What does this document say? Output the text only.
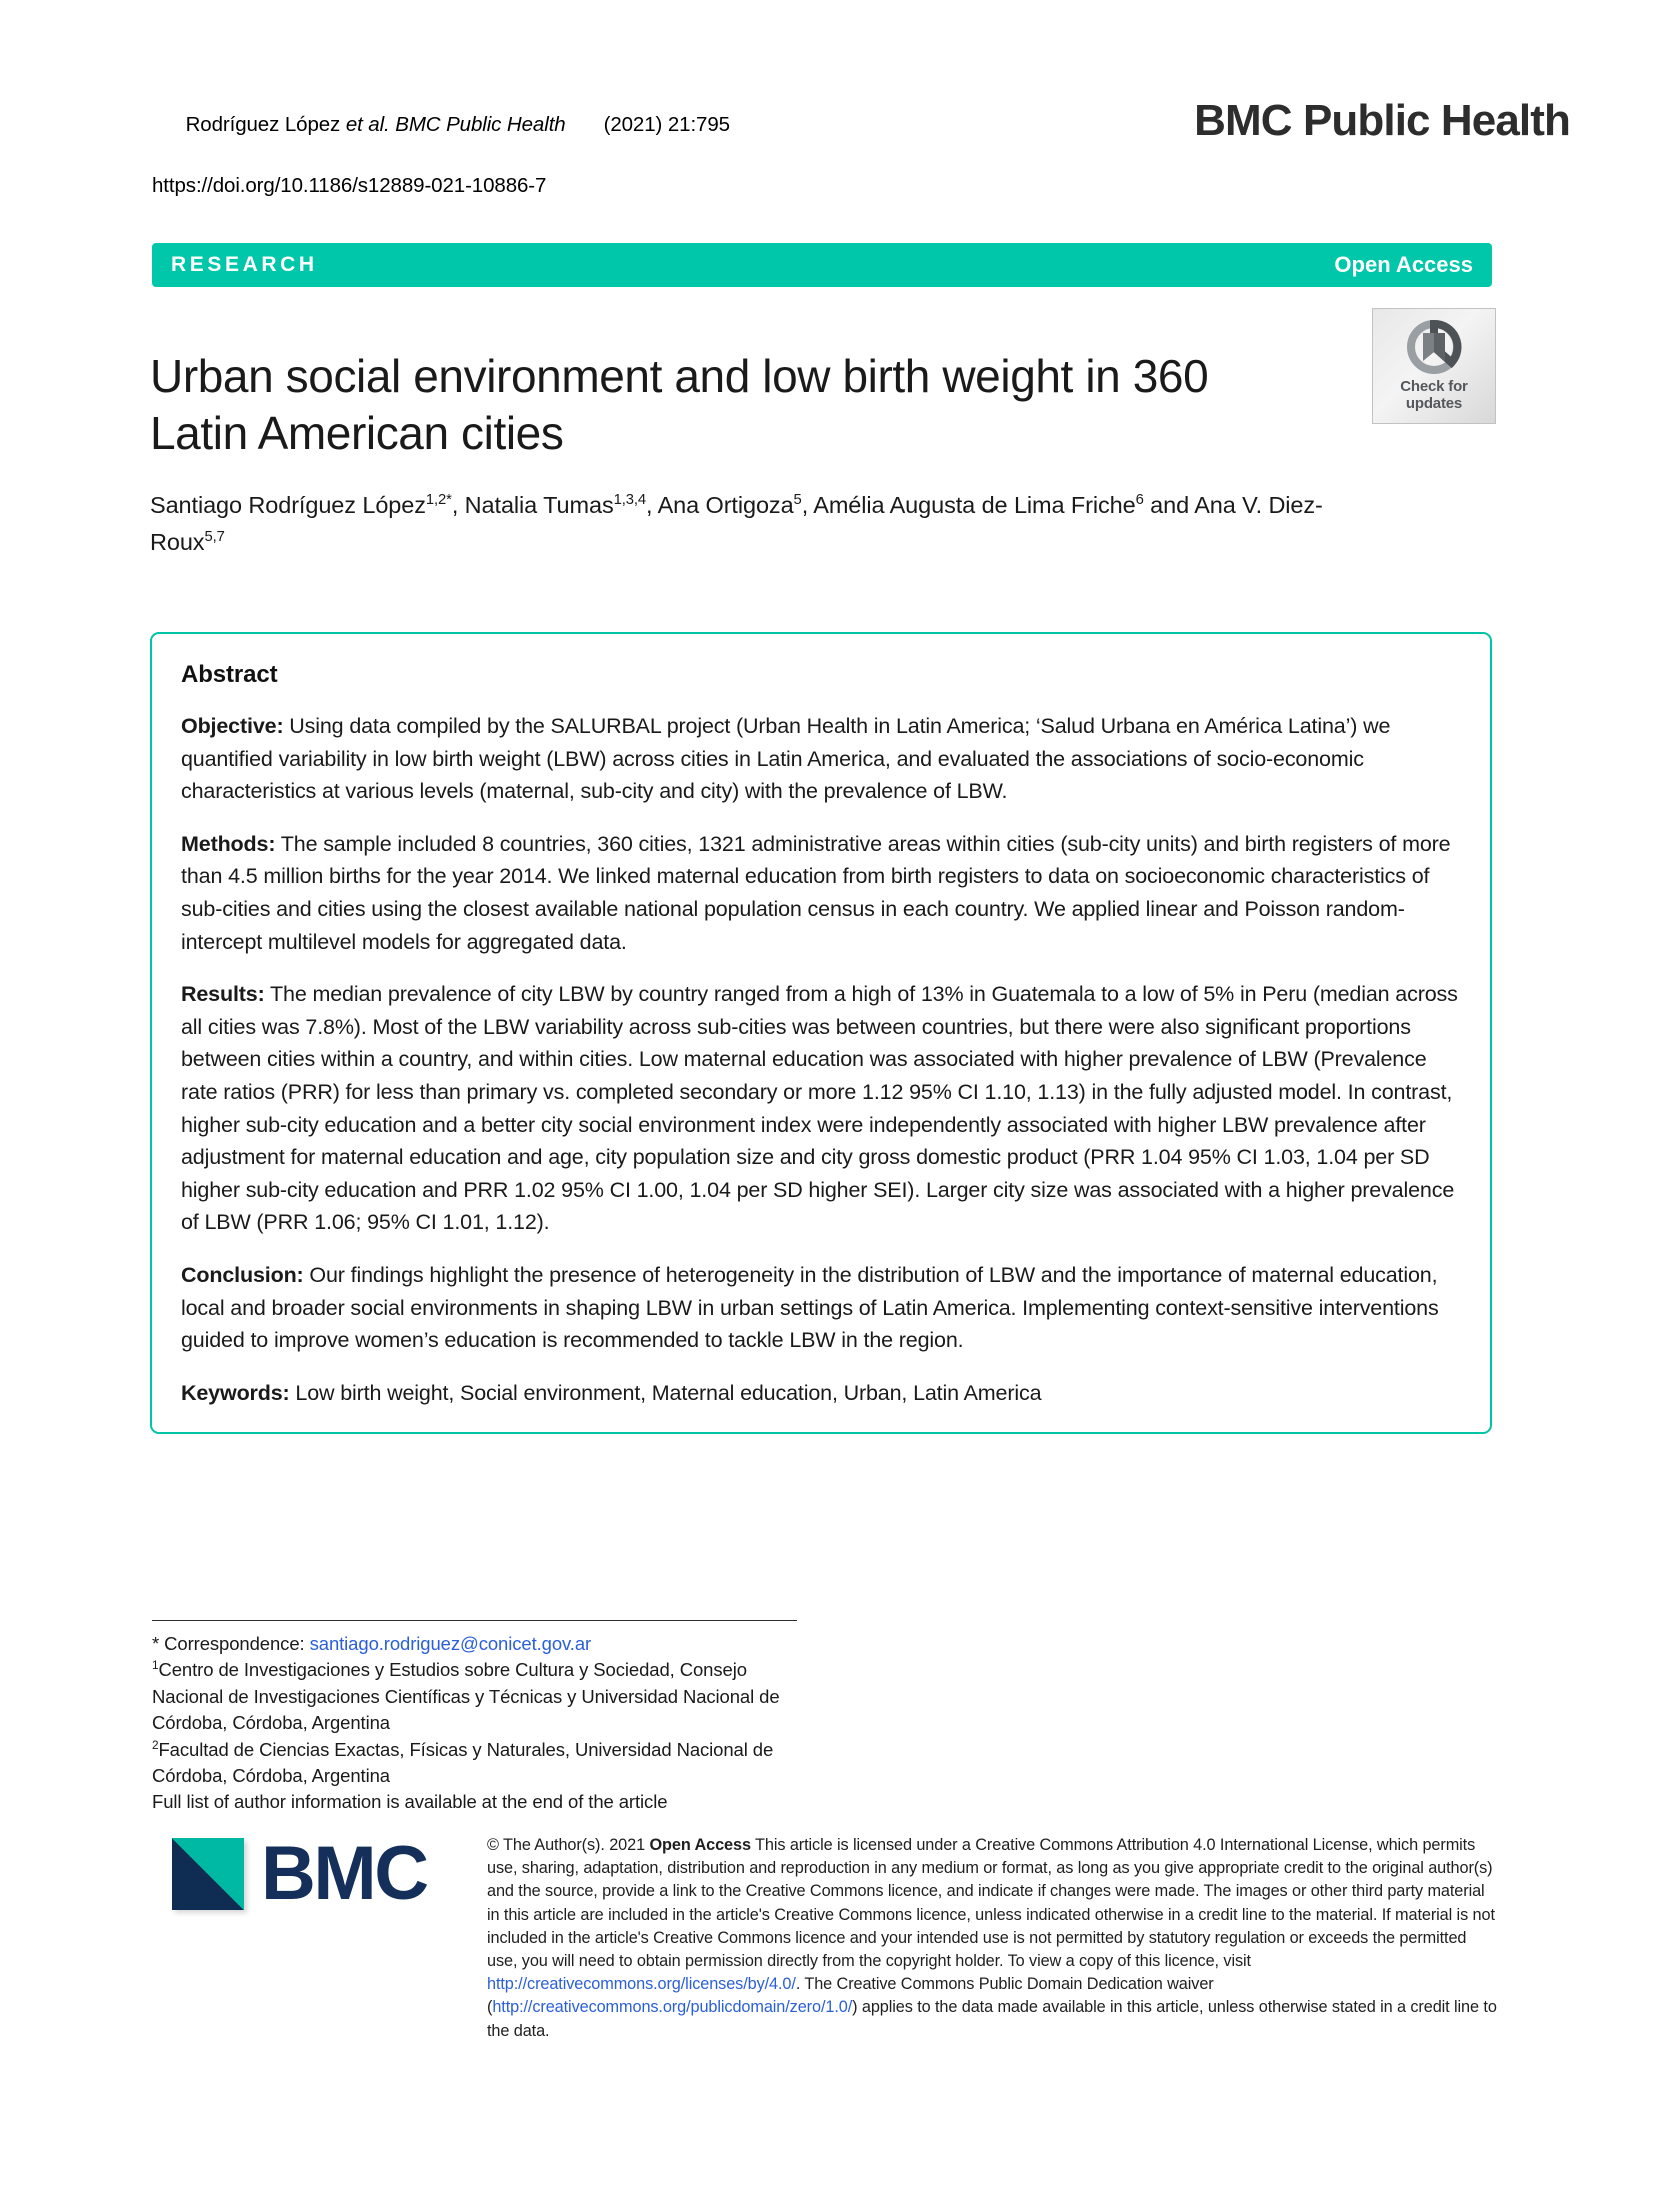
Rodríguez López et al. BMC Public Health (2021) 21:795

https://doi.org/10.1186/s12889-021-10886-7
BMC Public Health
RESEARCH	Open Access
Urban social environment and low birth weight in 360 Latin American cities
Check for
updates
Santiago Rodríguez López$^{1,2*}$, Natalia Tumas$^{1,3,4}$, Ana Ortigoza$^5$, Amélia Augusta de Lima Friche$^6$ and Ana V. Diez-Roux$^{5,7}$
Abstract

Objective: Using data compiled by the SALURBAL project (Urban Health in Latin America; ‘Salud Urbana en América Latina’) we quantified variability in low birth weight (LBW) across cities in Latin America, and evaluated the associations of socio-economic characteristics at various levels (maternal, sub-city and city) with the prevalence of LBW.

Methods: The sample included 8 countries, 360 cities, 1321 administrative areas within cities (sub-city units) and birth registers of more than 4.5 million births for the year 2014. We linked maternal education from birth registers to data on socioeconomic characteristics of sub-cities and cities using the closest available national population census in each country. We applied linear and Poisson random-intercept multilevel models for aggregated data.

Results: The median prevalence of city LBW by country ranged from a high of 13% in Guatemala to a low of 5% in Peru (median across all cities was 7.8%). Most of the LBW variability across sub-cities was between countries, but there were also significant proportions between cities within a country, and within cities. Low maternal education was associated with higher prevalence of LBW (Prevalence rate ratios (PRR) for less than primary vs. completed secondary or more 1.12 95% CI 1.10, 1.13) in the fully adjusted model. In contrast, higher sub-city education and a better city social environment index were independently associated with higher LBW prevalence after adjustment for maternal education and age, city population size and city gross domestic product (PRR 1.04 95% CI 1.03, 1.04 per SD higher sub-city education and PRR 1.02 95% CI 1.00, 1.04 per SD higher SEI). Larger city size was associated with a higher prevalence of LBW (PRR 1.06; 95% CI 1.01, 1.12).

Conclusion: Our findings highlight the presence of heterogeneity in the distribution of LBW and the importance of maternal education, local and broader social environments in shaping LBW in urban settings of Latin America. Implementing context-sensitive interventions guided to improve women’s education is recommended to tackle LBW in the region.

Keywords: Low birth weight, Social environment, Maternal education, Urban, Latin America

* Correspondence: santiago.rodriguez@conicet.gov.ar
$^1$Centro de Investigaciones y Estudios sobre Cultura y Sociedad, Consejo Nacional de Investigaciones Científicas y Técnicas y Universidad Nacional de Córdoba, Córdoba, Argentina
$^2$Facultad de Ciencias Exactas, Físicas y Naturales, Universidad Nacional de Córdoba, Córdoba, Argentina
Full list of author information is available at the end of the article
BMC	© The Author(s). 2021 Open Access This article is licensed under a Creative Commons Attribution 4.0 International License, which permits use, sharing, adaptation, distribution and reproduction in any medium or format, as long as you give appropriate credit to the original author(s) and the source, provide a link to the Creative Commons licence, and indicate if changes were made. The images or other third party material in this article are included in the article's Creative Commons licence, unless indicated otherwise in a credit line to the material. If material is not included in the article's Creative Commons licence and your intended use is not permitted by statutory regulation or exceeds the permitted use, you will need to obtain permission directly from the copyright holder. To view a copy of this licence, visit http://creativecommons.org/licenses/by/4.0/. The Creative Commons Public Domain Dedication waiver (http://creativecommons.org/publicdomain/zero/1.0/) applies to the data made available in this article, unless otherwise stated in a credit line to the data.
